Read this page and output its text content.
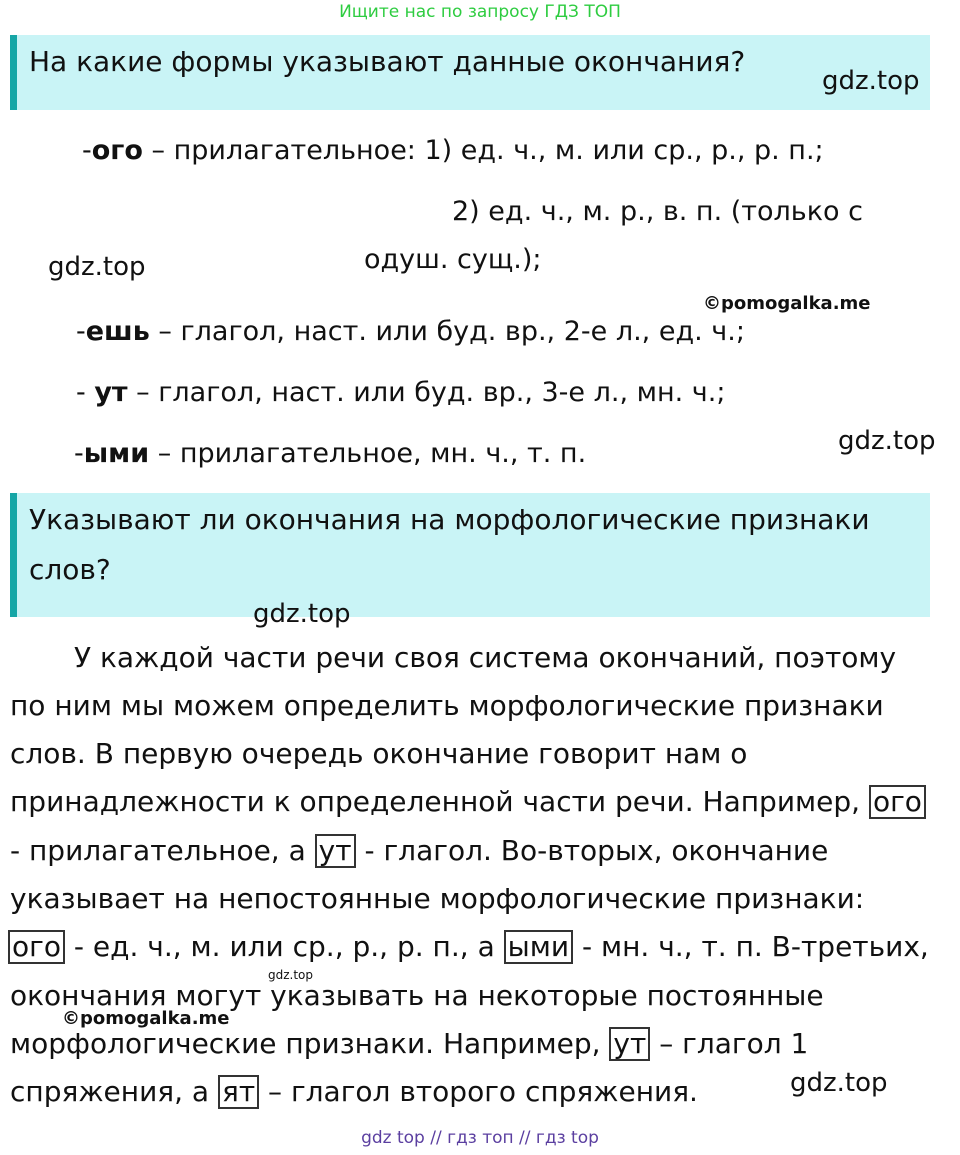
Ищите нас по запросу ГДЗ ТОП
На какие формы указывают данные окончания?
gdz.top
-ого – прилагательное: 1) ед. ч., м. или ср., р., р. п.;
2) ед. ч., м. р., в. п. (только с
gdz.top	одуш. сущ.);
©pomogalka.me
-ешь – глагол, наст. или буд. вр., 2-е л., ед. ч.;
- ут – глагол, наст. или буд. вр., 3-е л., мн. ч.;
gdz.top
-ыми – прилагательное, мн. ч., т. п.
Указывают ли окончания на морфологические признаки
слов?
gdz.top
У каждой части речи своя система окончаний, поэтому
по ним мы можем определить морфологические признаки
слов. В первую очередь окончание говорит нам о
принадлежности к определенной части речи. Например, ого
- прилагательное, а ут - глагол. Во-вторых, окончание
указывает на непостоянные морфологические признаки:
ого - ед. ч., м. или ср., р., р. п., а ыми - мн. ч., т. п. В-третьих,
gdz.top
окончания могут указывать на некоторые постоянные
©pomogalka.me
морфологические признаки. Например, ут – глагол 1
gdz.top
спряжения, а ят – глагол второго спряжения.
gdz top // гдз топ // гдз top
